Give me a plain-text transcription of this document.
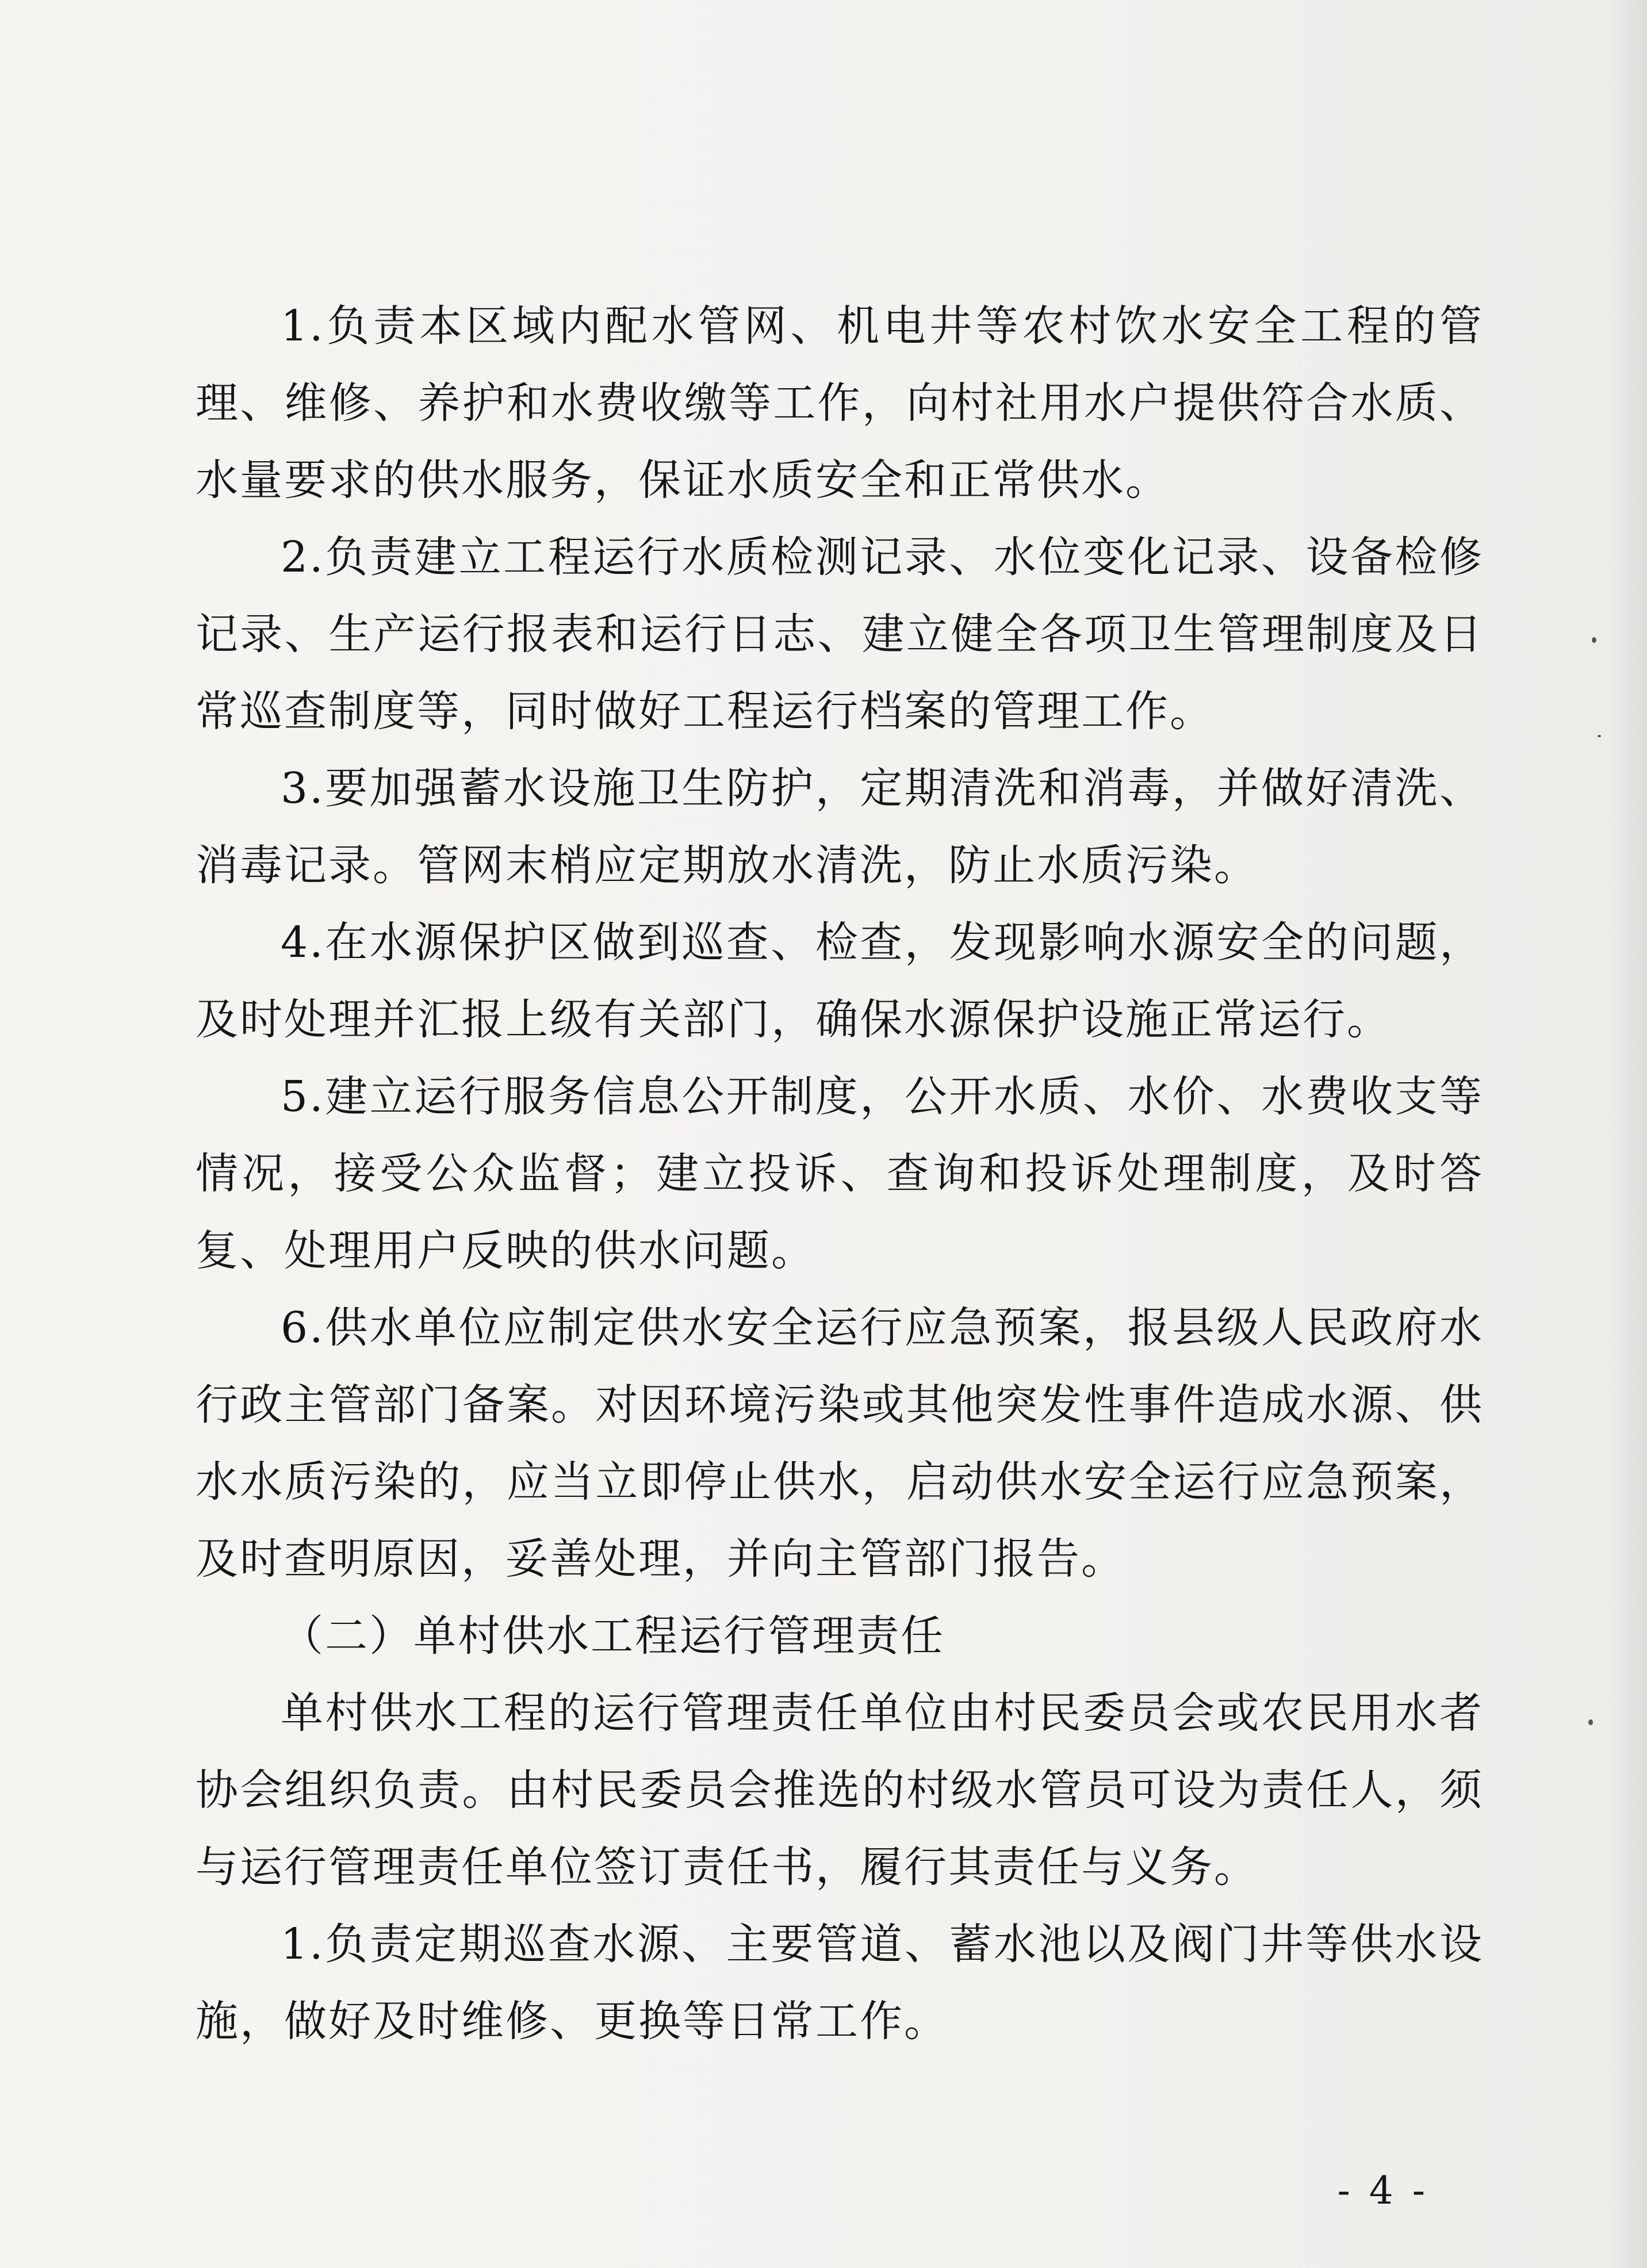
1.负责本区域内配水管网、机电井等农村饮水安全工程的管理、维修、养护和水费收缴等工作，向村社用水户提供符合水质、水量要求的供水服务，保证水质安全和正常供水。

2.负责建立工程运行水质检测记录、水位变化记录、设备检修记录、生产运行报表和运行日志、建立健全各项卫生管理制度及日常巡查制度等，同时做好工程运行档案的管理工作。

3.要加强蓄水设施卫生防护，定期清洗和消毒，并做好清洗、消毒记录。管网末梢应定期放水清洗，防止水质污染。

4.在水源保护区做到巡查、检查，发现影响水源安全的问题，及时处理并汇报上级有关部门，确保水源保护设施正常运行。

5.建立运行服务信息公开制度，公开水质、水价、水费收支等情况，接受公众监督；建立投诉、查询和投诉处理制度，及时答复、处理用户反映的供水问题。

6.供水单位应制定供水安全运行应急预案，报县级人民政府水行政主管部门备案。对因环境污染或其他突发性事件造成水源、供水水质污染的，应当立即停止供水，启动供水安全运行应急预案，及时查明原因，妥善处理，并向主管部门报告。

（二）单村供水工程运行管理责任

单村供水工程的运行管理责任单位由村民委员会或农民用水者协会组织负责。由村民委员会推选的村级水管员可设为责任人，须与运行管理责任单位签订责任书，履行其责任与义务。

1.负责定期巡查水源、主要管道、蓄水池以及阀门井等供水设施，做好及时维修、更换等日常工作。

- 4 -
